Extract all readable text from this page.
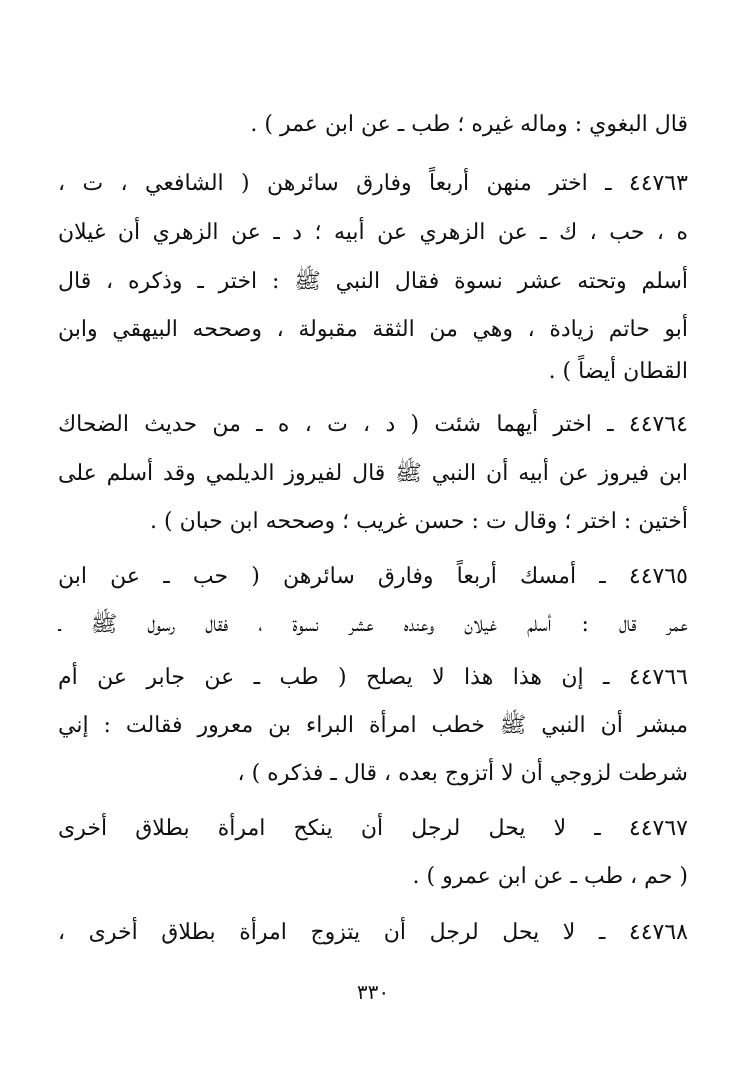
قال البغوي : وماله غيره ؛ طب ـ عن ابن عمر ) .
٤٤٧٦٣ ـ اختر منهن أربعاً وفارق سائرهن ( الشافعي ، ت ،
ه ، حب ، ك ـ عن الزهري عن أبيه ؛ د ـ عن الزهري أن غيلان
أسلم وتحته عشر نسوة فقال النبي ﷺ : اختر ـ وذكره ، قال
أبو حاتم زيادة ، وهي من الثقة مقبولة ، وصححه البيهقي وابن
القطان أيضاً ) .
٤٤٧٦٤ ـ اختر أيهما شئت ( د ، ت ، ه ـ من حديث الضحاك
ابن فيروز عن أبيه أن النبي ﷺ قال لفيروز الديلمي وقد أسلم على
أختين : اختر ؛ وقال ت : حسن غريب ؛ وصححه ابن حبان ) .
٤٤٧٦٥ ـ أمسك أربعاً وفارق سائرهن ( حب ـ عن ابن
عمر قال : أسلم غيلان وعنده عشر نسوة ، فقال رسول ﷺ ـ
٤٤٧٦٦ ـ إن هذا هذا لا يصلح ( طب ـ عن جابر عن أم
مبشر أن النبي ﷺ خطب امرأة البراء بن معرور فقالت : إني
شرطت لزوجي أن لا أتزوج بعده ، قال ـ فذكره ) ،
٤٤٧٦٧ ـ لا يحل لرجل أن ينكح امرأة بطلاق أخرى
( حم ، طب ـ عن ابن عمرو ) .
٤٤٧٦٨ ـ لا يحل لرجل أن يتزوج امرأة بطلاق أخرى ،
٣٣٠
